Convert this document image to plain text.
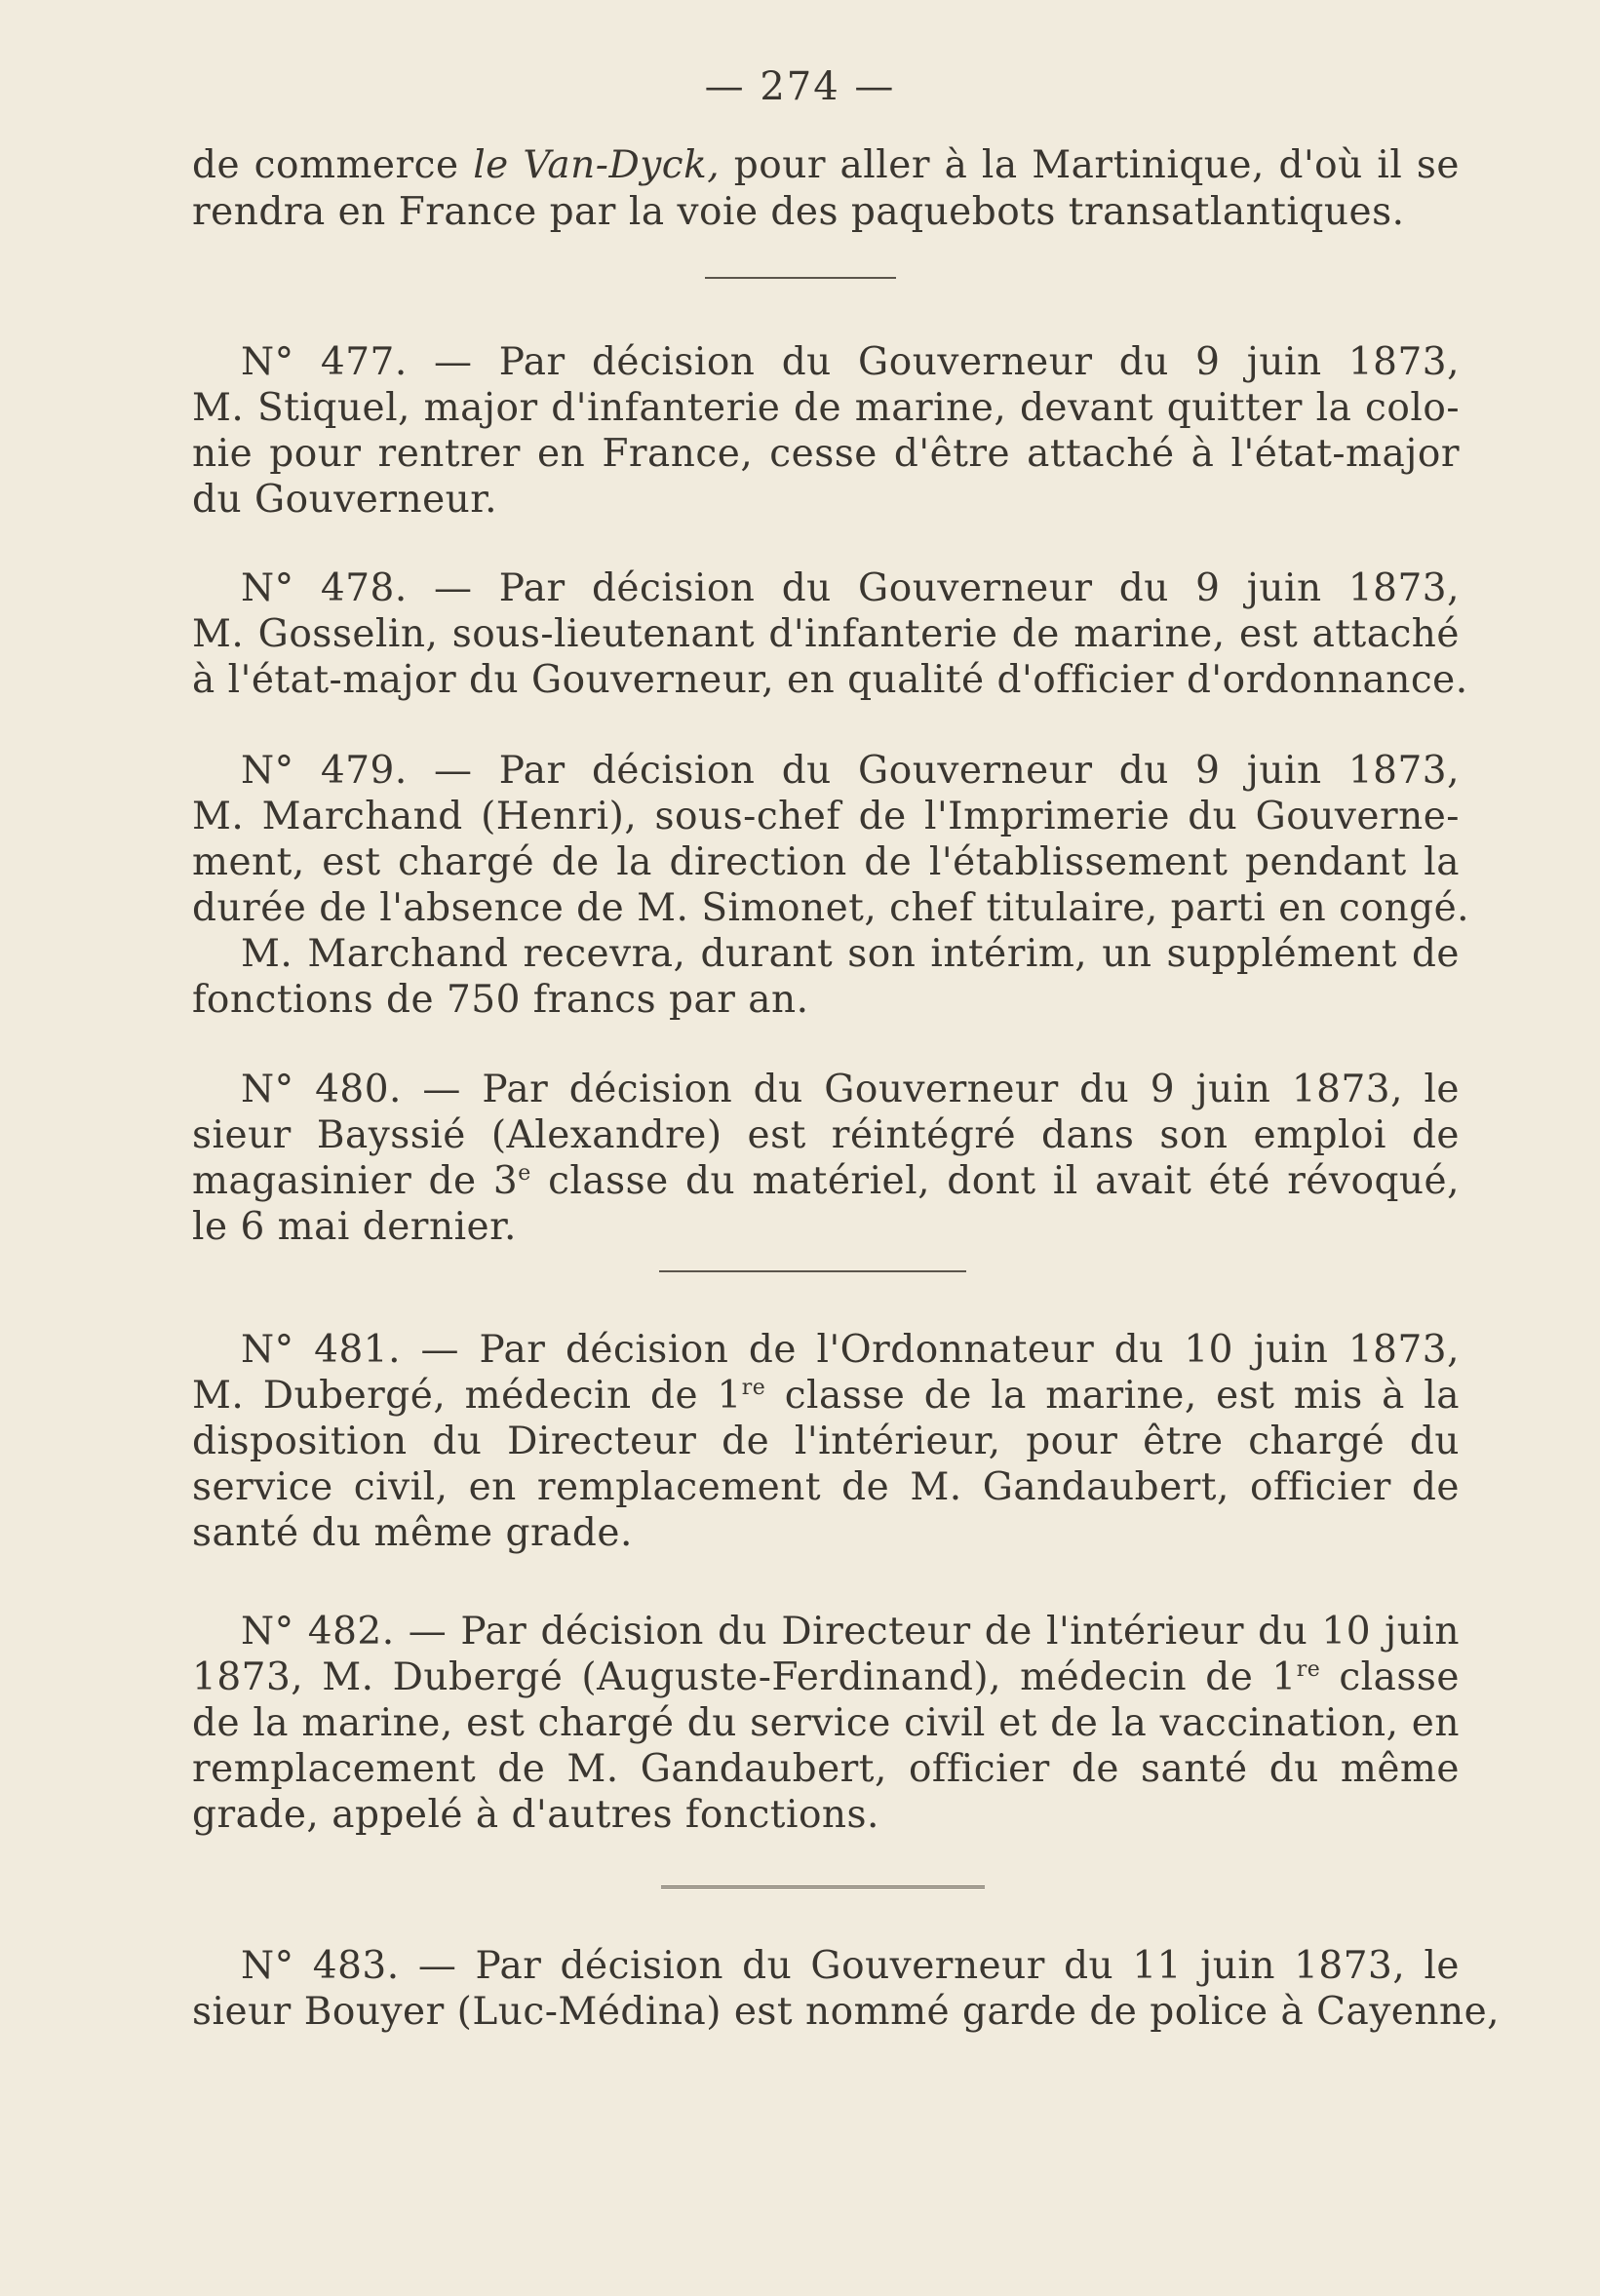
— 274 —
de commerce le Van-Dyck, pour aller à la Martinique, d'où il se
rendra en France par la voie des paquebots transatlantiques.
N° 477. — Par décision du Gouverneur du 9 juin 1873,
M. Stiquel, major d'infanterie de marine, devant quitter la colo-
nie pour rentrer en France, cesse d'être attaché à l'état-major
du Gouverneur.
N° 478. — Par décision du Gouverneur du 9 juin 1873,
M. Gosselin, sous-lieutenant d'infanterie de marine, est attaché
à l'état-major du Gouverneur, en qualité d'officier d'ordonnance.
N° 479. — Par décision du Gouverneur du 9 juin 1873,
M. Marchand (Henri), sous-chef de l'Imprimerie du Gouverne-
ment, est chargé de la direction de l'établissement pendant la
durée de l'absence de M. Simonet, chef titulaire, parti en congé.
M. Marchand recevra, durant son intérim, un supplément de
fonctions de 750 francs par an.
N° 480. — Par décision du Gouverneur du 9 juin 1873, le
sieur Bayssié (Alexandre) est réintégré dans son emploi de
magasinier de 3e classe du matériel, dont il avait été révoqué,
le 6 mai dernier.
N° 481. — Par décision de l'Ordonnateur du 10 juin 1873,
M. Dubergé, médecin de 1re classe de la marine, est mis à la
disposition du Directeur de l'intérieur, pour être chargé du
service civil, en remplacement de M. Gandaubert, officier de
santé du même grade.
N° 482. — Par décision du Directeur de l'intérieur du 10 juin
1873, M. Dubergé (Auguste-Ferdinand), médecin de 1re classe
de la marine, est chargé du service civil et de la vaccination, en
remplacement de M. Gandaubert, officier de santé du même
grade, appelé à d'autres fonctions.
N° 483. — Par décision du Gouverneur du 11 juin 1873, le
sieur Bouyer (Luc-Médina) est nommé garde de police à Cayenne,
